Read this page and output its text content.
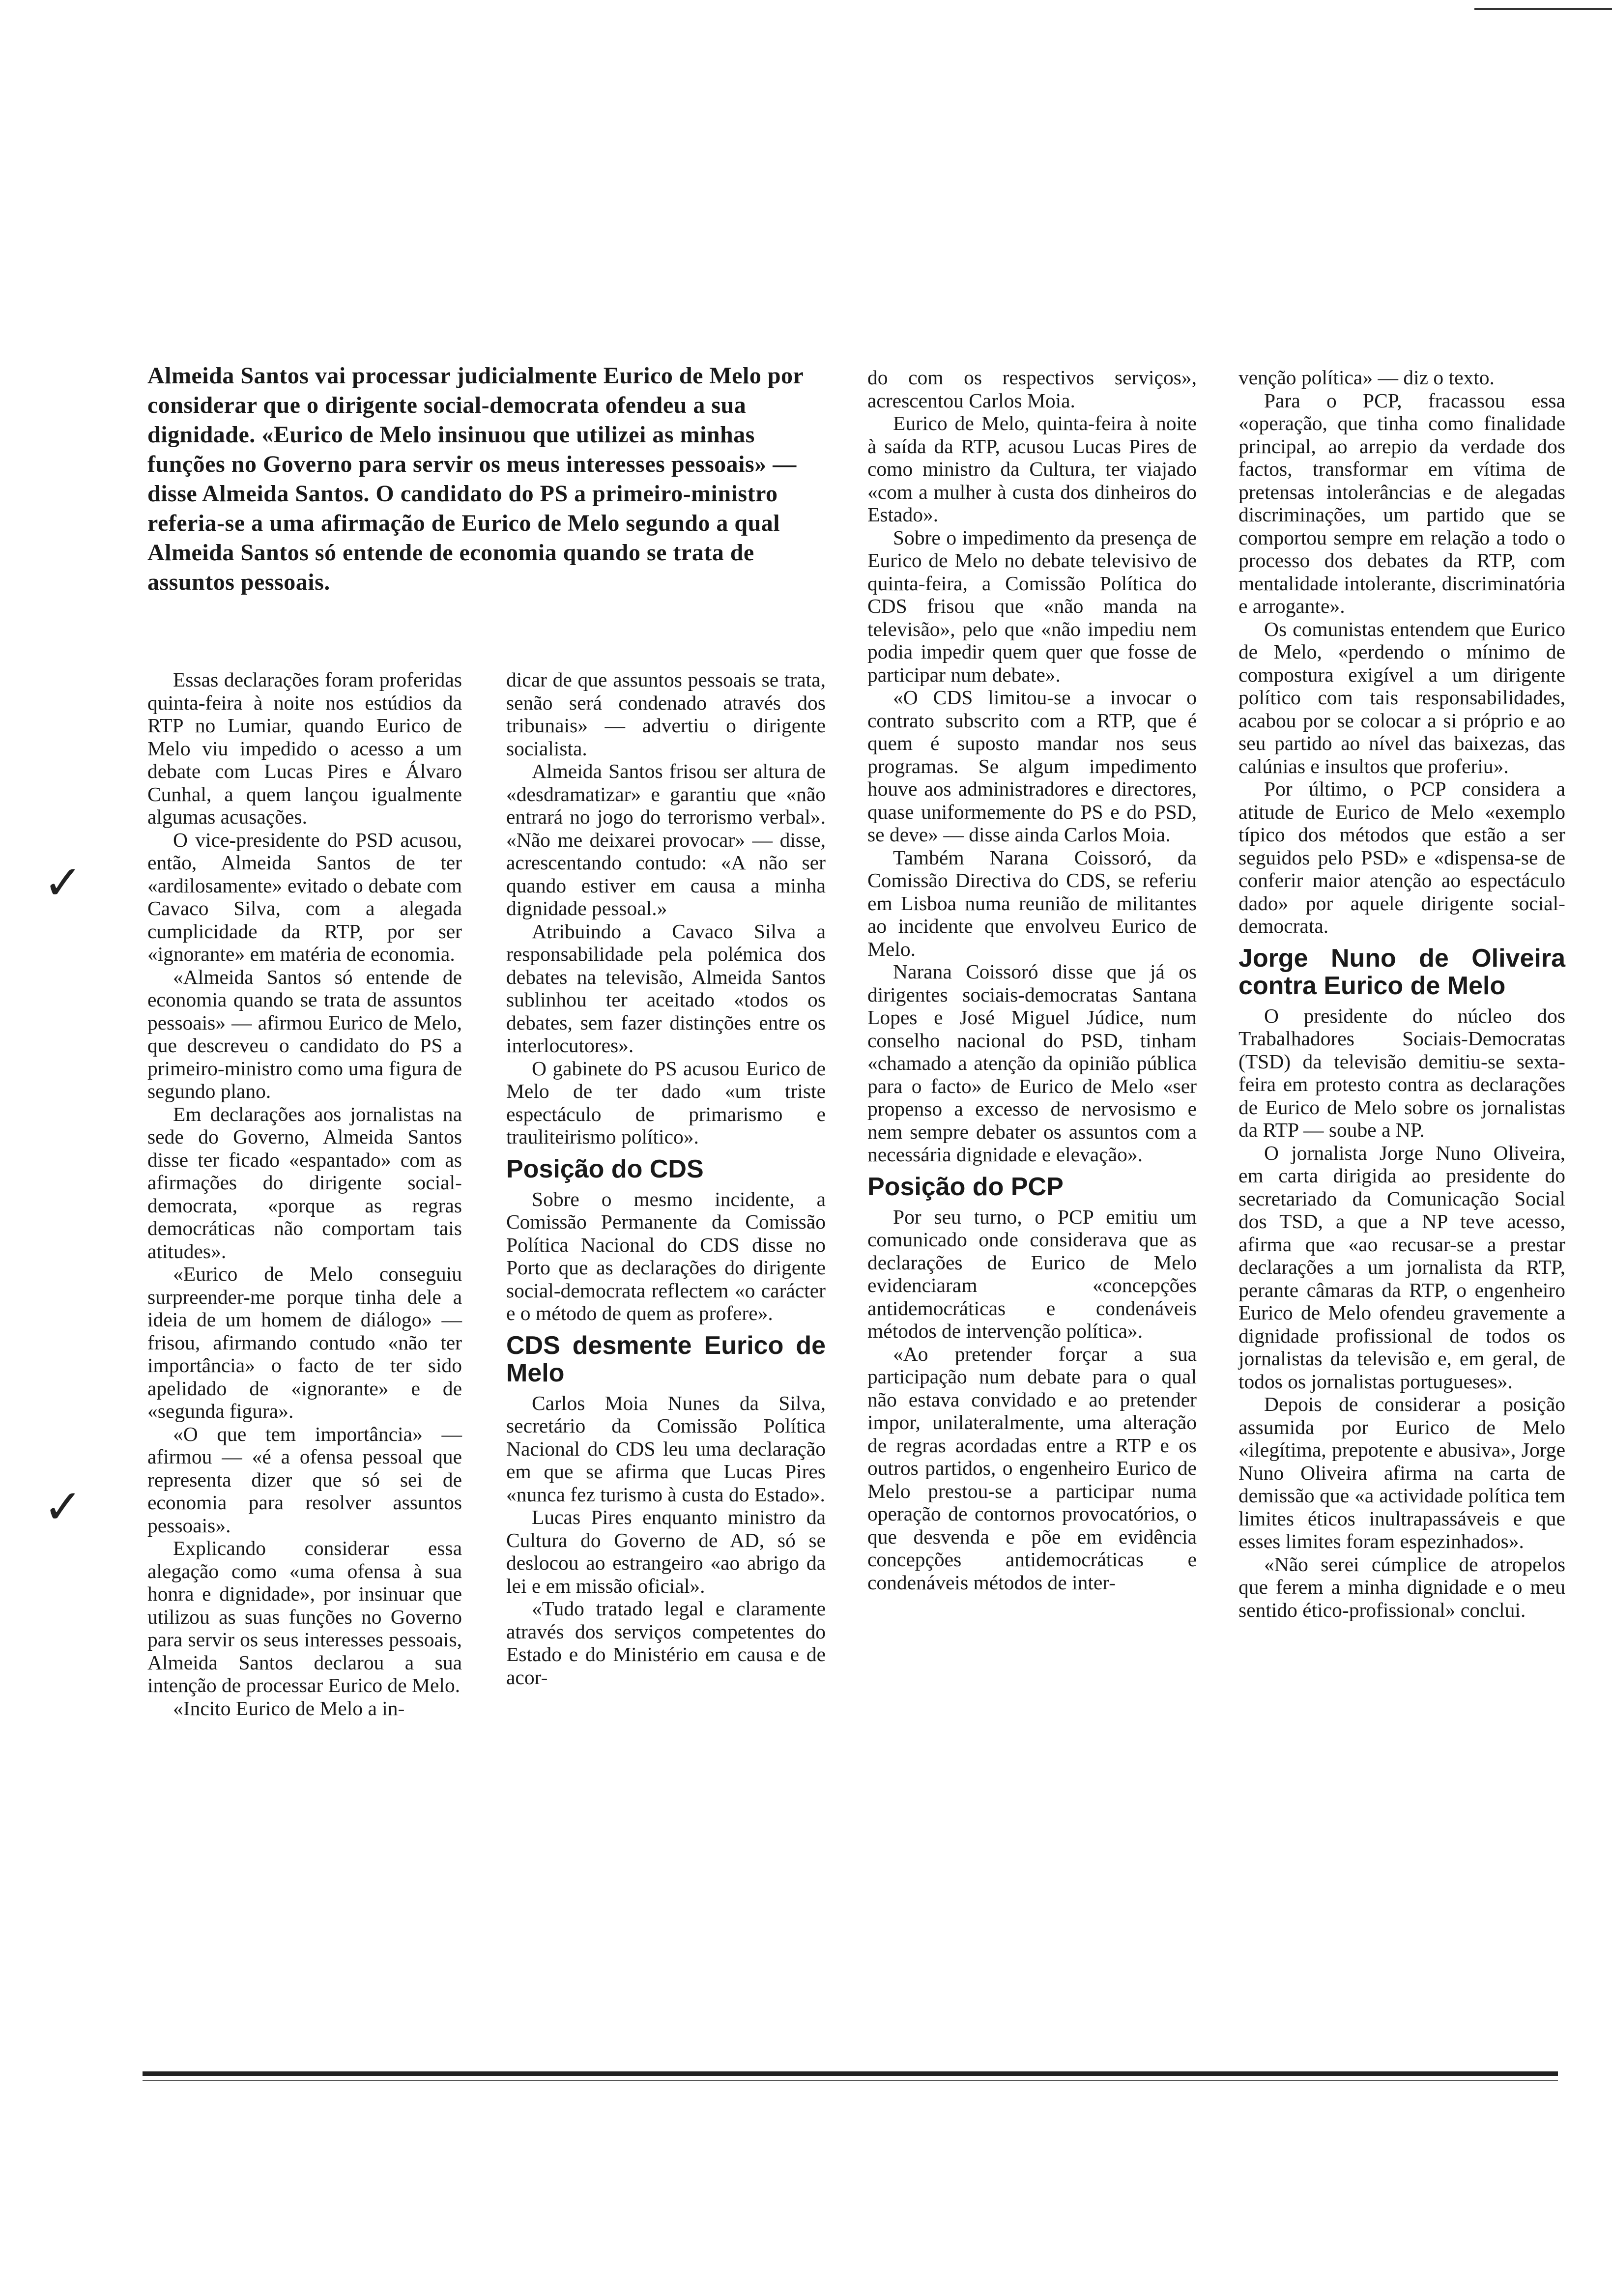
Almeida Santos vai processar judicialmente Eurico de Melo por considerar que o dirigente social-democrata ofendeu a sua dignidade. «Eurico de Melo insinuou que utilizei as minhas funções no Governo para servir os meus interesses pessoais» — disse Almeida Santos. O candidato do PS a primeiro-ministro referia-se a uma afirmação de Eurico de Melo segundo a qual Almeida Santos só entende de economia quando se trata de assuntos pessoais.

Essas declarações foram proferidas quinta-feira à noite nos estúdios da RTP no Lumiar, quando Eurico de Melo viu impedido o acesso a um debate com Lucas Pires e Álvaro Cunhal, a quem lançou igualmente algumas acusações.

O vice-presidente do PSD acusou, então, Almeida Santos de ter «ardilosamente» evitado o debate com Cavaco Silva, com a alegada cumplicidade da RTP, por ser «ignorante» em matéria de economia.

«Almeida Santos só entende de economia quando se trata de assuntos pessoais» — afirmou Eurico de Melo, que descreveu o candidato do PS a primeiro-ministro como uma figura de segundo plano.

Em declarações aos jornalistas na sede do Governo, Almeida Santos disse ter ficado «espantado» com as afirmações do dirigente social-democrata, «porque as regras democráticas não comportam tais atitudes».

«Eurico de Melo conseguiu surpreender-me porque tinha dele a ideia de um homem de diálogo» — frisou, afirmando contudo «não ter importância» o facto de ter sido apelidado de «ignorante» e de «segunda figura».

«O que tem importância» — afirmou — «é a ofensa pessoal que representa dizer que só sei de economia para resolver assuntos pessoais».

Explicando considerar essa alegação como «uma ofensa à sua honra e dignidade», por insinuar que utilizou as suas funções no Governo para servir os seus interesses pessoais, Almeida Santos declarou a sua intenção de processar Eurico de Melo.

«Incito Eurico de Melo a in-

dicar de que assuntos pessoais se trata, senão será condenado através dos tribunais» — advertiu o dirigente socialista.

Almeida Santos frisou ser altura de «desdramatizar» e garantiu que «não entrará no jogo do terrorismo verbal». «Não me deixarei provocar» — disse, acrescentando contudo: «A não ser quando estiver em causa a minha dignidade pessoal.»

Atribuindo a Cavaco Silva a responsabilidade pela polémica dos debates na televisão, Almeida Santos sublinhou ter aceitado «todos os debates, sem fazer distinções entre os interlocutores».

O gabinete do PS acusou Eurico de Melo de ter dado «um triste espectáculo de primarismo e trauliteirismo político».

Posição do CDS

Sobre o mesmo incidente, a Comissão Permanente da Comissão Política Nacional do CDS disse no Porto que as declarações do dirigente social-democrata reflectem «o carácter e o método de quem as profere».

CDS desmente Eurico de Melo

Carlos Moia Nunes da Silva, secretário da Comissão Política Nacional do CDS leu uma declaração em que se afirma que Lucas Pires «nunca fez turismo à custa do Estado».

Lucas Pires enquanto ministro da Cultura do Governo de AD, só se deslocou ao estrangeiro «ao abrigo da lei e em missão oficial».

«Tudo tratado legal e claramente através dos serviços competentes do Estado e do Ministério em causa e de acor-

do com os respectivos serviços», acrescentou Carlos Moia.

Eurico de Melo, quinta-feira à noite à saída da RTP, acusou Lucas Pires de como ministro da Cultura, ter viajado «com a mulher à custa dos dinheiros do Estado».

Sobre o impedimento da presença de Eurico de Melo no debate televisivo de quinta-feira, a Comissão Política do CDS frisou que «não manda na televisão», pelo que «não impediu nem podia impedir quem quer que fosse de participar num debate».

«O CDS limitou-se a invocar o contrato subscrito com a RTP, que é quem é suposto mandar nos seus programas. Se algum impedimento houve aos administradores e directores, quase uniformemente do PS e do PSD, se deve» — disse ainda Carlos Moia.

Também Narana Coissoró, da Comissão Directiva do CDS, se referiu em Lisboa numa reunião de militantes ao incidente que envolveu Eurico de Melo.

Narana Coissoró disse que já os dirigentes sociais-democratas Santana Lopes e José Miguel Júdice, num conselho nacional do PSD, tinham «chamado a atenção da opinião pública para o facto» de Eurico de Melo «ser propenso a excesso de nervosismo e nem sempre debater os assuntos com a necessária dignidade e elevação».

Posição do PCP

Por seu turno, o PCP emitiu um comunicado onde considerava que as declarações de Eurico de Melo evidenciaram «concepções antidemocráticas e condenáveis métodos de intervenção política».

«Ao pretender forçar a sua participação num debate para o qual não estava convidado e ao pretender impor, unilateralmente, uma alteração de regras acordadas entre a RTP e os outros partidos, o engenheiro Eurico de Melo prestou-se a participar numa operação de contornos provocatórios, o que desvenda e põe em evidência concepções antidemocráticas e condenáveis métodos de inter-

venção política» — diz o texto.

Para o PCP, fracassou essa «operação, que tinha como finalidade principal, ao arrepio da verdade dos factos, transformar em vítima de pretensas intolerâncias e de alegadas discriminações, um partido que se comportou sempre em relação a todo o processo dos debates da RTP, com mentalidade intolerante, discriminatória e arrogante».

Os comunistas entendem que Eurico de Melo, «perdendo o mínimo de compostura exigível a um dirigente político com tais responsabilidades, acabou por se colocar a si próprio e ao seu partido ao nível das baixezas, das calúnias e insultos que proferiu».

Por último, o PCP considera a atitude de Eurico de Melo «exemplo típico dos métodos que estão a ser seguidos pelo PSD» e «dispensa-se de conferir maior atenção ao espectáculo dado» por aquele dirigente social-democrata.

Jorge Nuno de Oliveira contra Eurico de Melo

O presidente do núcleo dos Trabalhadores Sociais-Democratas (TSD) da televisão demitiu-se sexta-feira em protesto contra as declarações de Eurico de Melo sobre os jornalistas da RTP — soube a NP.

O jornalista Jorge Nuno Oliveira, em carta dirigida ao presidente do secretariado da Comunicação Social dos TSD, a que a NP teve acesso, afirma que «ao recusar-se a prestar declarações a um jornalista da RTP, perante câmaras da RTP, o engenheiro Eurico de Melo ofendeu gravemente a dignidade profissional de todos os jornalistas da televisão e, em geral, de todos os jornalistas portugueses».

Depois de considerar a posição assumida por Eurico de Melo «ilegítima, prepotente e abusiva», Jorge Nuno Oliveira afirma na carta de demissão que «a actividade política tem limites éticos inultrapassáveis e que esses limites foram espezinhados».

«Não serei cúmplice de atropelos que ferem a minha dignidade e o meu sentido ético-profissional» conclui.

✓
✓
